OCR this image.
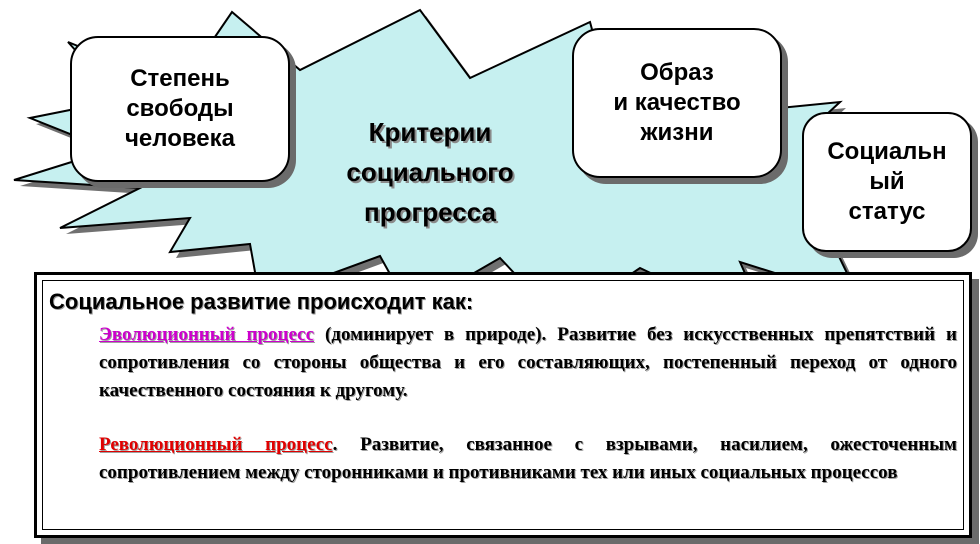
Критерии
социального
прогресса
Степень
свободы
человека
Образ
и качество
жизни
Социальн
ый
статус
Социальное развитие происходит как:
Эволюционный процесс (доминирует в природе). Развитие без искусственных препятствий и сопротивления со стороны общества и его составляющих, постепенный переход от одного качественного состояния к другому.
Революционный процесс. Развитие, связанное с взрывами, насилием, ожесточенным сопротивлением между сторонниками и противниками тех или иных социальных процессов
